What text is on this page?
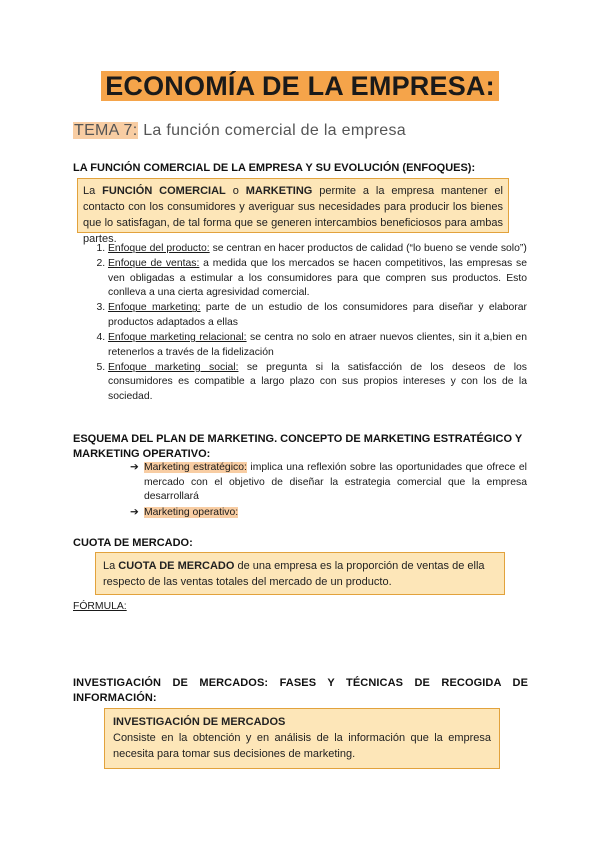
ECONOMÍA DE LA EMPRESA:
TEMA 7: La función comercial de la empresa
LA FUNCIÓN COMERCIAL DE LA EMPRESA Y SU EVOLUCIÓN (ENFOQUES):
La FUNCIÓN COMERCIAL o MARKETING permite a la empresa mantener el contacto con los consumidores y averiguar sus necesidades para producir los bienes que lo satisfagan, de tal forma que se generen intercambios beneficiosos para ambas partes.
1. Enfoque del producto: se centran en hacer productos de calidad (“lo bueno se vende solo”)
2. Enfoque de ventas: a medida que los mercados se hacen competitivos, las empresas se ven obligadas a estimular a los consumidores para que compren sus productos. Esto conlleva a una cierta agresividad comercial.
3. Enfoque marketing: parte de un estudio de los consumidores para diseñar y elaborar productos adaptados a ellas
4. Enfoque marketing relacional: se centra no solo en atraer nuevos clientes, sin it a,bien en retenerlos a través de la fidelización
5. Enfoque marketing social: se pregunta si la satisfacción de los deseos de los consumidores es compatible a largo plazo con sus propios intereses y con los de la sociedad.
ESQUEMA DEL PLAN DE MARKETING. CONCEPTO DE MARKETING ESTRATÉGICO Y MARKETING OPERATIVO:
➔ Marketing estratégico: implica una reflexión sobre las oportunidades que ofrece el mercado con el objetivo de diseñar la estrategia comercial que la empresa desarrollará
➔ Marketing operativo:
CUOTA DE MERCADO:
La CUOTA DE MERCADO de una empresa es la proporción de ventas de ella respecto de las ventas totales del mercado de un producto.
FÓRMULA:
INVESTIGACIÓN DE MERCADOS: FASES Y TÉCNICAS DE RECOGIDA DE INFORMACIÓN:
INVESTIGACIÓN DE MERCADOS
Consiste en la obtención y en análisis de la información que la empresa necesita para tomar sus decisiones de marketing.
